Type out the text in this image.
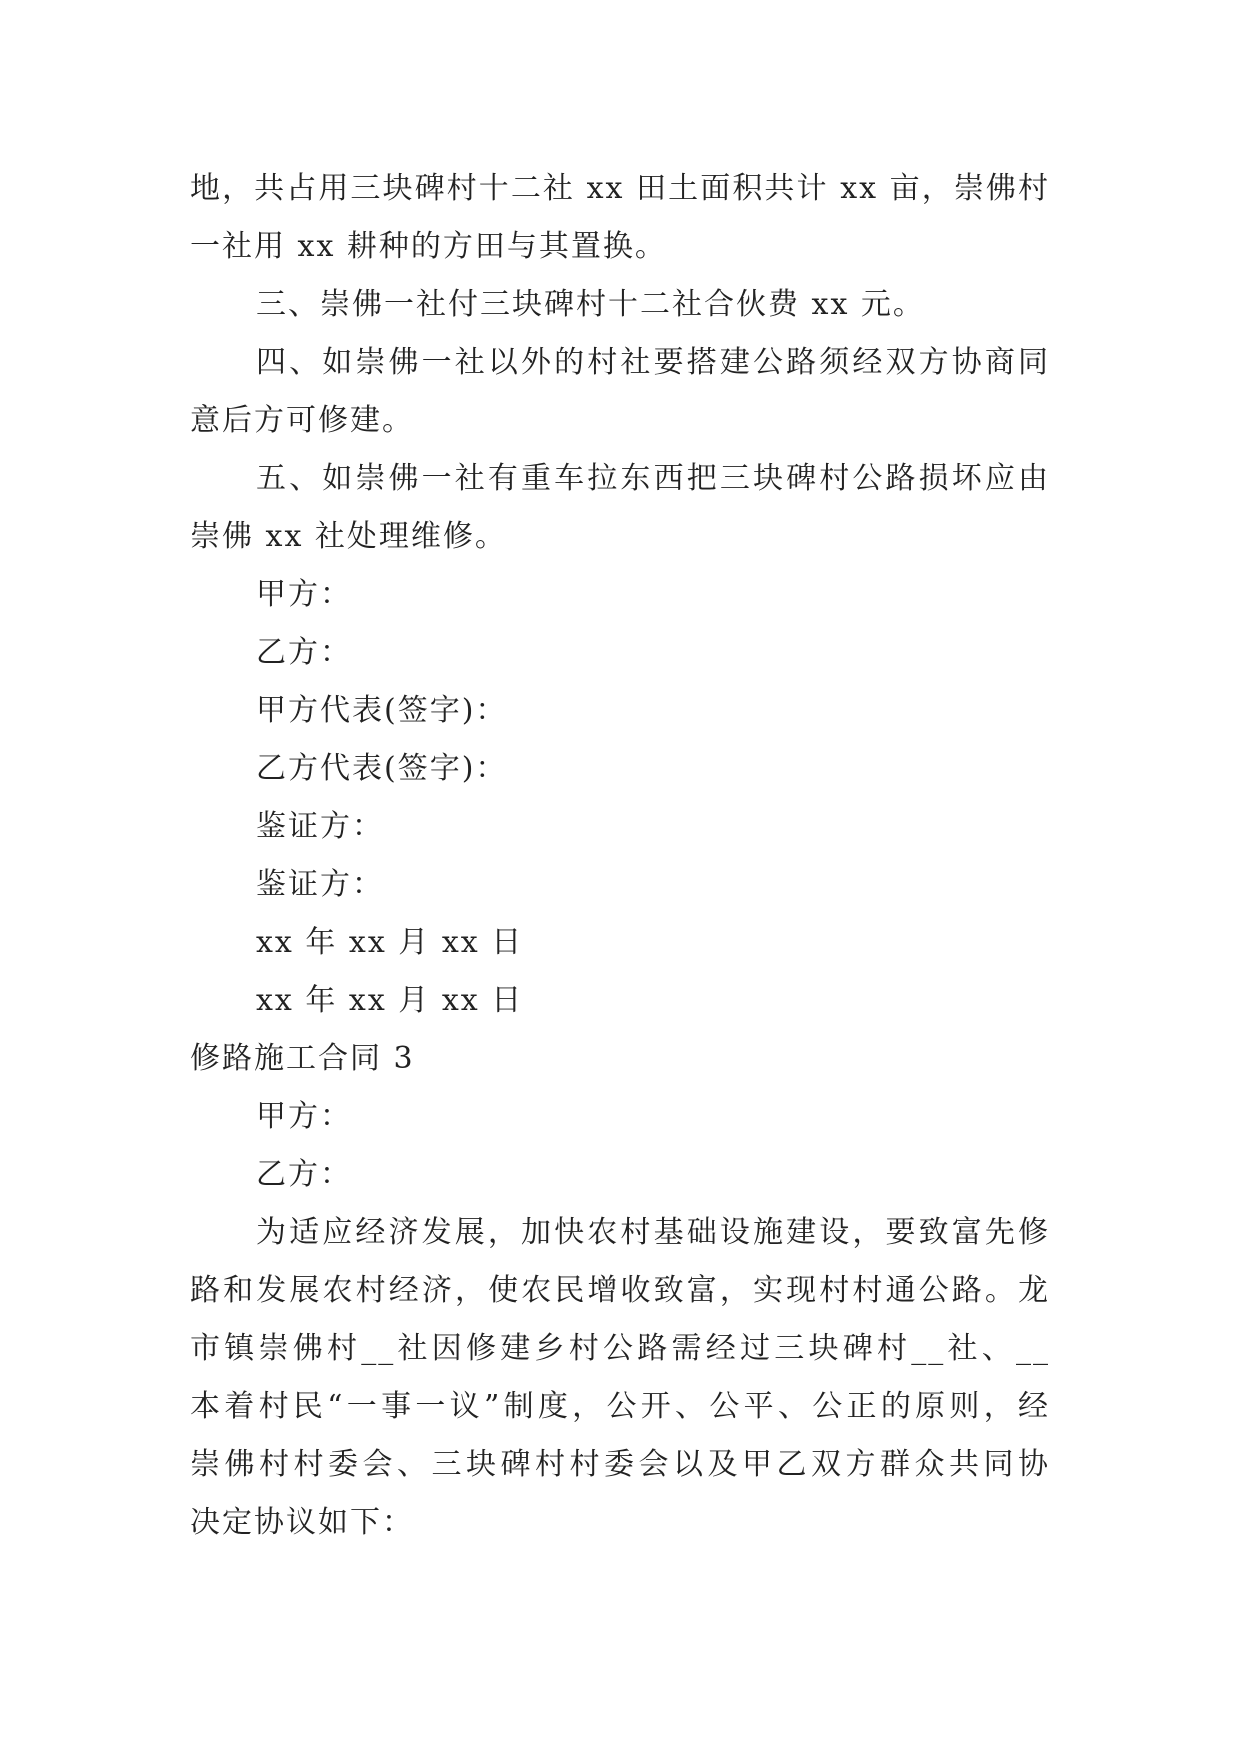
地，共占用三块碑村十二社 xx 田土面积共计 xx 亩，崇佛村
一社用 xx 耕种的方田与其置换。
三、崇佛一社付三块碑村十二社合伙费 xx 元。
四、如崇佛一社以外的村社要搭建公路须经双方协商同
意后方可修建。
五、如崇佛一社有重车拉东西把三块碑村公路损坏应由
崇佛 xx 社处理维修。
甲方：
乙方：
甲方代表(签字)：
乙方代表(签字)：
鉴证方：
鉴证方：
xx 年 xx 月 xx 日
xx 年 xx 月 xx 日
修路施工合同 3
甲方：
乙方：
为适应经济发展，加快农村基础设施建设，要致富先修
路和发展农村经济，使农民增收致富，实现村村通公路。龙
市镇崇佛村__社因修建乡村公路需经过三块碑村__社、__
本着村民“一事一议”制度，公开、公平、公正的原则，经
崇佛村村委会、三块碑村村委会以及甲乙双方群众共同协
决定协议如下：
